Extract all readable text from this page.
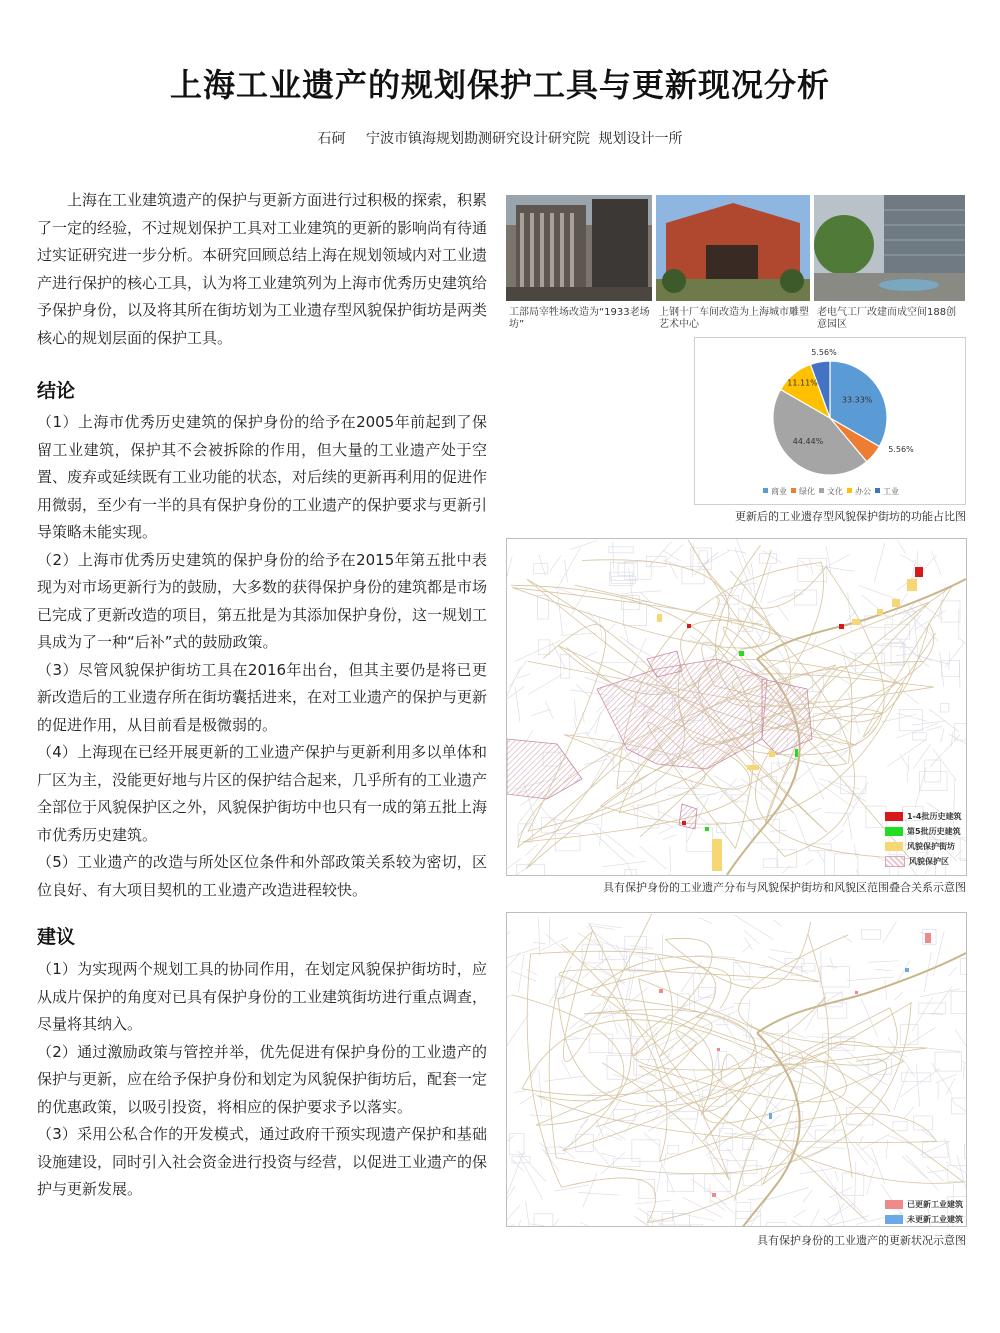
上海工业遗产的规划保护工具与更新现况分析
石砢 宁波市镇海规划勘测研究设计研究院 规划设计一所

上海在工业建筑遗产的保护与更新方面进行过积极的探索，积累了一定的经验，不过规划保护工具对工业建筑的更新的影响尚有待通过实证研究进一步分析。本研究回顾总结上海在规划领域内对工业遗产进行保护的核心工具，认为将工业建筑列为上海市优秀历史建筑给予保护身份，以及将其所在街坊划为工业遗存型风貌保护街坊是两类核心的规划层面的保护工具。

结论

（1）上海市优秀历史建筑的保护身份的给予在2005年前起到了保留工业建筑，保护其不会被拆除的作用，但大量的工业遗产处于空置、废弃或延续既有工业功能的状态，对后续的更新再利用的促进作用微弱，至少有一半的具有保护身份的工业遗产的保护要求与更新引导策略未能实现。

（2）上海市优秀历史建筑的保护身份的给予在2015年第五批中表现为对市场更新行为的鼓励，大多数的获得保护身份的建筑都是市场已完成了更新改造的项目，第五批是为其添加保护身份，这一规划工具成为了一种“后补”式的鼓励政策。

（3）尽管风貌保护街坊工具在2016年出台，但其主要仍是将已更新改造后的工业遗存所在街坊囊括进来，在对工业遗产的保护与更新的促进作用，从目前看是极微弱的。

（4）上海现在已经开展更新的工业遗产保护与更新利用多以单体和厂区为主，没能更好地与片区的保护结合起来，几乎所有的工业遗产全部位于风貌保护区之外，风貌保护街坊中也只有一成的第五批上海市优秀历史建筑。

（5）工业遗产的改造与所处区位条件和外部政策关系较为密切，区位良好、有大项目契机的工业遗产改造进程较快。

建议

（1）为实现两个规划工具的协同作用，在划定风貌保护街坊时，应从成片保护的角度对已具有保护身份的工业建筑街坊进行重点调查，尽量将其纳入。

（2）通过激励政策与管控并举，优先促进有保护身份的工业遗产的保护与更新，应在给予保护身份和划定为风貌保护街坊后，配套一定的优惠政策，以吸引投资，将相应的保护要求予以落实。

（3）采用公私合作的开发模式，通过政府干预实现遗产保护和基础设施建设，同时引入社会资金进行投资与经营，以促进工业遗产的保护与更新发展。

工部局宰牲场改造为“1933老场坊”
上钢十厂车间改造为上海城市雕塑艺术中心
老电气工厂改建而成空间188创意园区
33.33%
5.56%
44.44%
11.11%
5.56%
商业 绿化 文化 办公 工业
更新后的工业遗存型风貌保护街坊的功能占比图
1-4批历史建筑
第5批历史建筑
风貌保护街坊
风貌保护区
具有保护身份的工业遗产分布与风貌保护街坊和风貌区范围叠合关系示意图
已更新工业建筑
未更新工业建筑
具有保护身份的工业遗产的更新状况示意图
